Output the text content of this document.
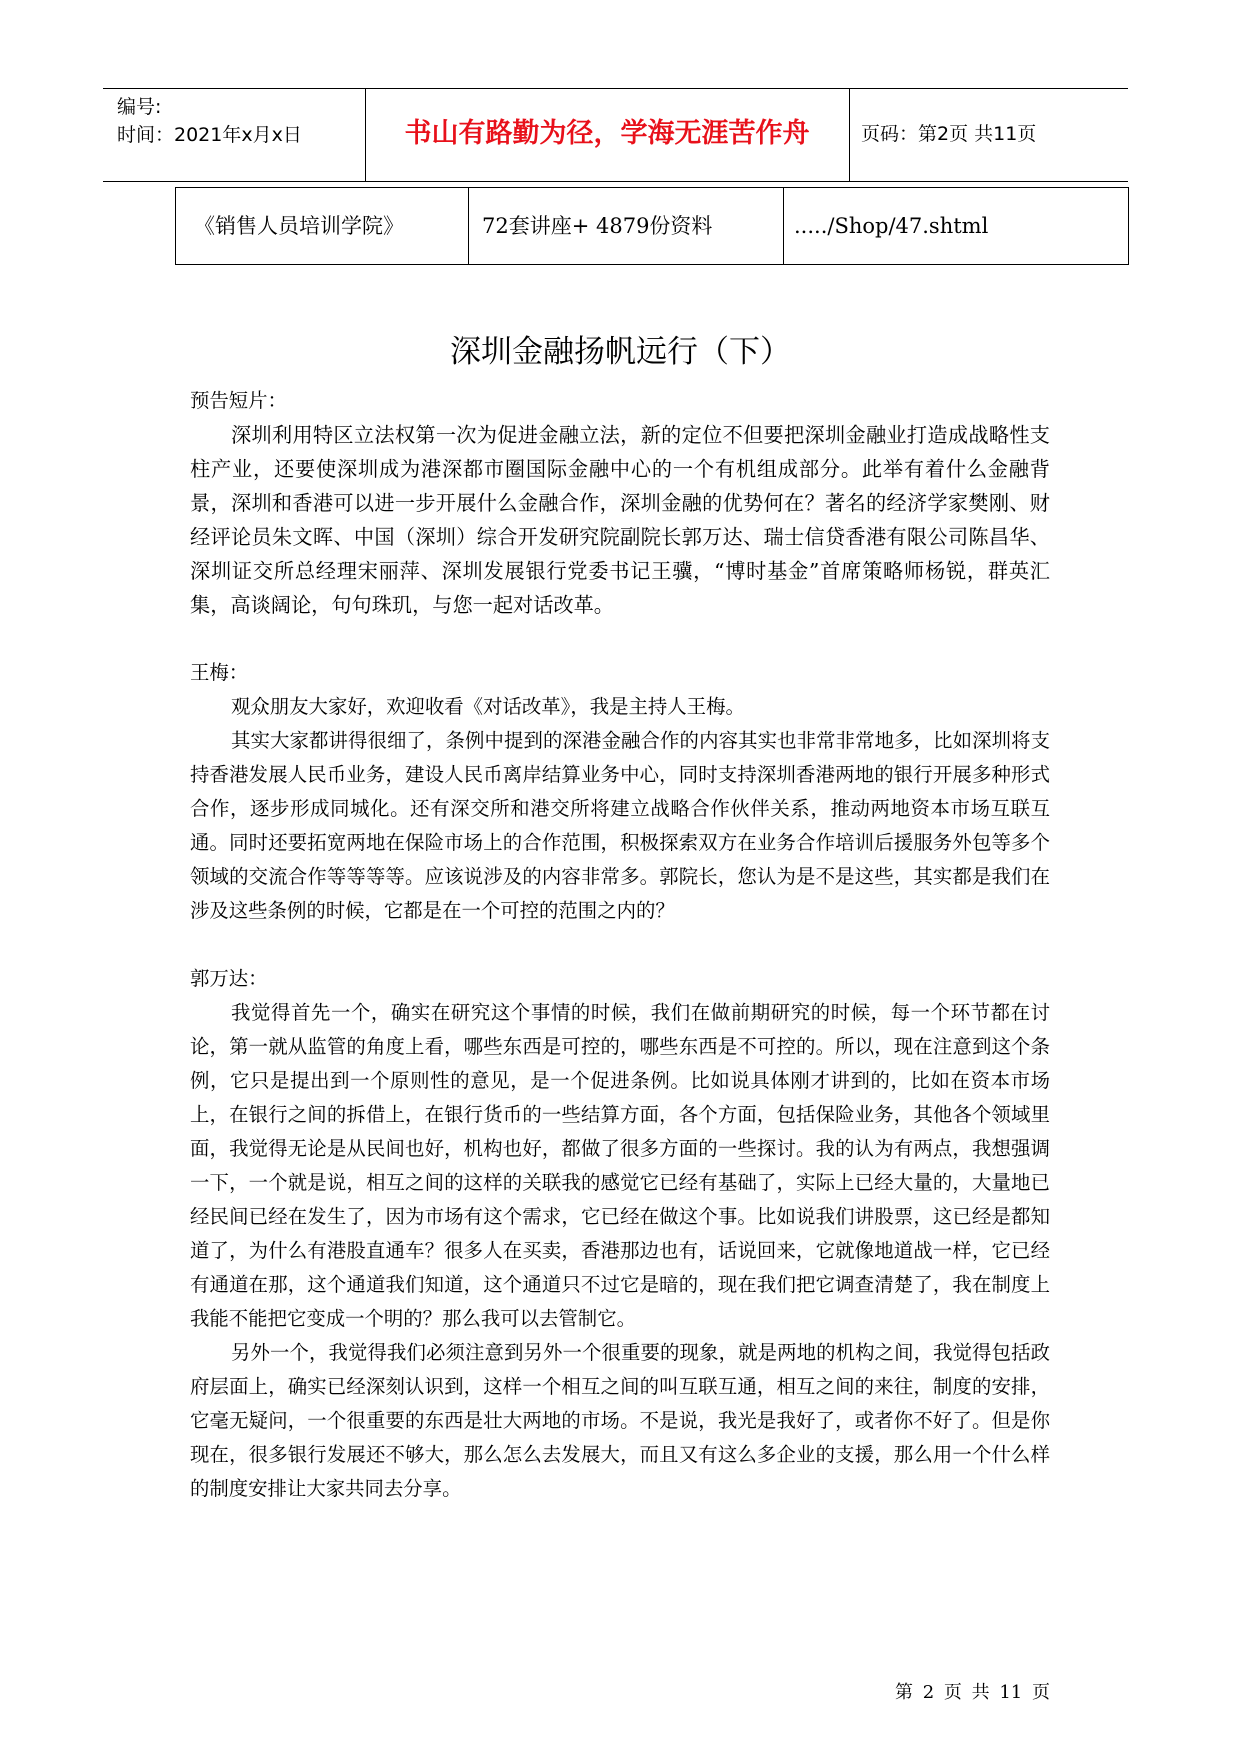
编号:
时间：2021年x月x日	书山有路勤为径，学海无涯苦作舟	页码：第2页 共11页
《销售人员培训学院》	72套讲座+ 4879份资料	...../Shop/47.shtml
深圳金融扬帆远行（下）

预告短片：

深圳利用特区立法权第一次为促进金融立法，新的定位不但要把深圳金融业打造成战略性支柱产业，还要使深圳成为港深都市圈国际金融中心的一个有机组成部分。此举有着什么金融背景，深圳和香港可以进一步开展什么金融合作，深圳金融的优势何在？著名的经济学家樊刚、财经评论员朱文晖、中国（深圳）综合开发研究院副院长郭万达、瑞士信贷香港有限公司陈昌华、深圳证交所总经理宋丽萍、深圳发展银行党委书记王骥，“博时基金”首席策略师杨锐，群英汇集，高谈阔论，句句珠玑，与您一起对话改革。

王梅：

观众朋友大家好，欢迎收看《对话改革》，我是主持人王梅。

其实大家都讲得很细了，条例中提到的深港金融合作的内容其实也非常非常地多，比如深圳将支持香港发展人民币业务，建设人民币离岸结算业务中心，同时支持深圳香港两地的银行开展多种形式合作，逐步形成同城化。还有深交所和港交所将建立战略合作伙伴关系，推动两地资本市场互联互通。同时还要拓宽两地在保险市场上的合作范围，积极探索双方在业务合作培训后援服务外包等多个领域的交流合作等等等等。应该说涉及的内容非常多。郭院长，您认为是不是这些，其实都是我们在涉及这些条例的时候，它都是在一个可控的范围之内的？

郭万达：

我觉得首先一个，确实在研究这个事情的时候，我们在做前期研究的时候，每一个环节都在讨论，第一就从监管的角度上看，哪些东西是可控的，哪些东西是不可控的。所以，现在注意到这个条例，它只是提出到一个原则性的意见，是一个促进条例。比如说具体刚才讲到的，比如在资本市场上，在银行之间的拆借上，在银行货币的一些结算方面，各个方面，包括保险业务，其他各个领域里面，我觉得无论是从民间也好，机构也好，都做了很多方面的一些探讨。我的认为有两点，我想强调一下，一个就是说，相互之间的这样的关联我的感觉它已经有基础了，实际上已经大量的，大量地已经民间已经在发生了，因为市场有这个需求，它已经在做这个事。比如说我们讲股票，这已经是都知道了，为什么有港股直通车？很多人在买卖，香港那边也有，话说回来，它就像地道战一样，它已经有通道在那，这个通道我们知道，这个通道只不过它是暗的，现在我们把它调查清楚了，我在制度上我能不能把它变成一个明的？那么我可以去管制它。

另外一个，我觉得我们必须注意到另外一个很重要的现象，就是两地的机构之间，我觉得包括政府层面上，确实已经深刻认识到，这样一个相互之间的叫互联互通，相互之间的来往，制度的安排，它毫无疑问，一个很重要的东西是壮大两地的市场。不是说，我光是我好了，或者你不好了。但是你现在，很多银行发展还不够大，那么怎么去发展大，而且又有这么多企业的支援，那么用一个什么样的制度安排让大家共同去分享。

第 2 页 共 11 页
